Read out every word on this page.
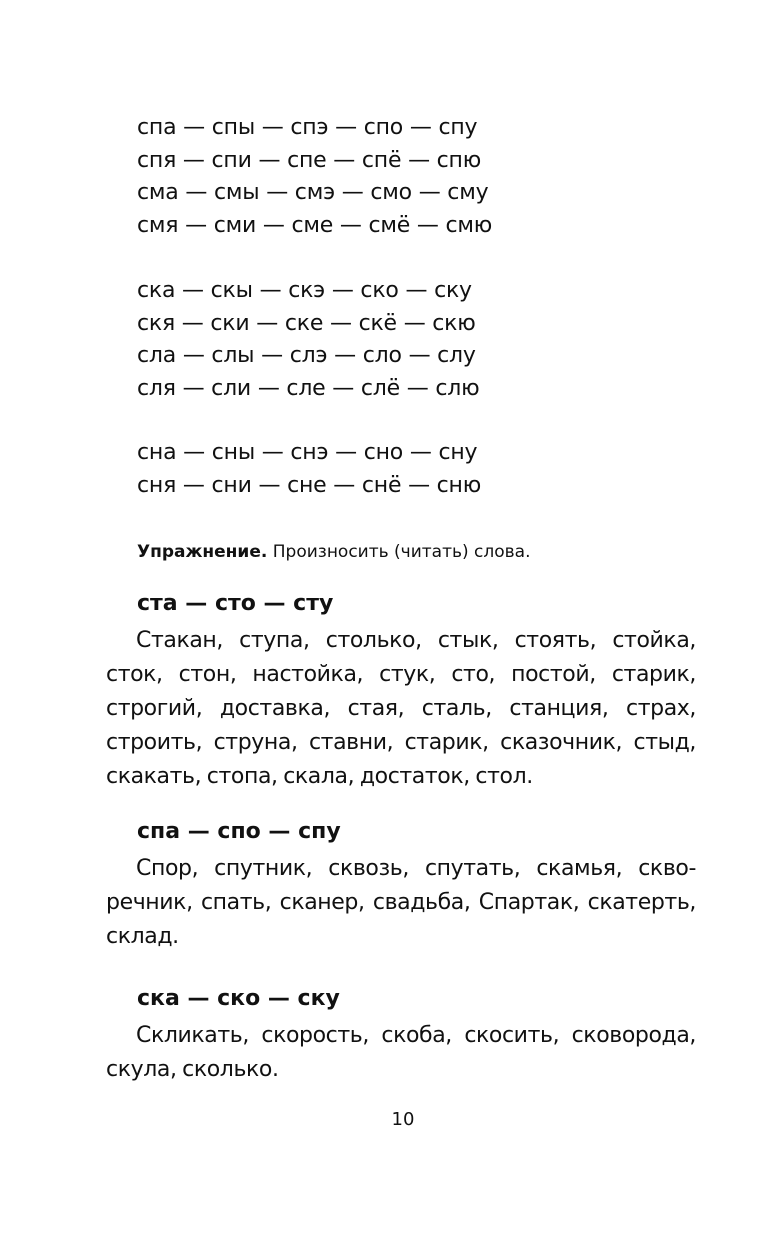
спа — спы — спэ — спо — спу
спя — спи — спе — спё — спю
сма — смы — смэ — смо — сму
смя — сми — сме — смё — смю
ска — скы — скэ — ско — ску
скя — ски — ске — скё — скю
сла — слы — слэ — сло — слу
сля — сли — сле — слё — слю
сна — сны — снэ — сно — сну
сня — сни — сне — снё — сню
Упражнение. Произносить (читать) слова.
ста — сто — сту
Стакан, ступа, столько, стык, стоять, стойка,
сток, стон, настойка, стук, сто, постой, старик,
строгий, доставка, стая, сталь, станция, страх,
строить, струна, ставни, старик, сказочник, стыд,
скакать, стопа, скала, достаток, стол.
спа — спо — спу
Спор, спутник, сквозь, спутать, скамья, скво-
речник, спать, сканер, свадьба, Спартак, скатерть,
склад.
ска — ско — ску
Скликать, скорость, скоба, скосить, сковорода,
скула, сколько.
10
